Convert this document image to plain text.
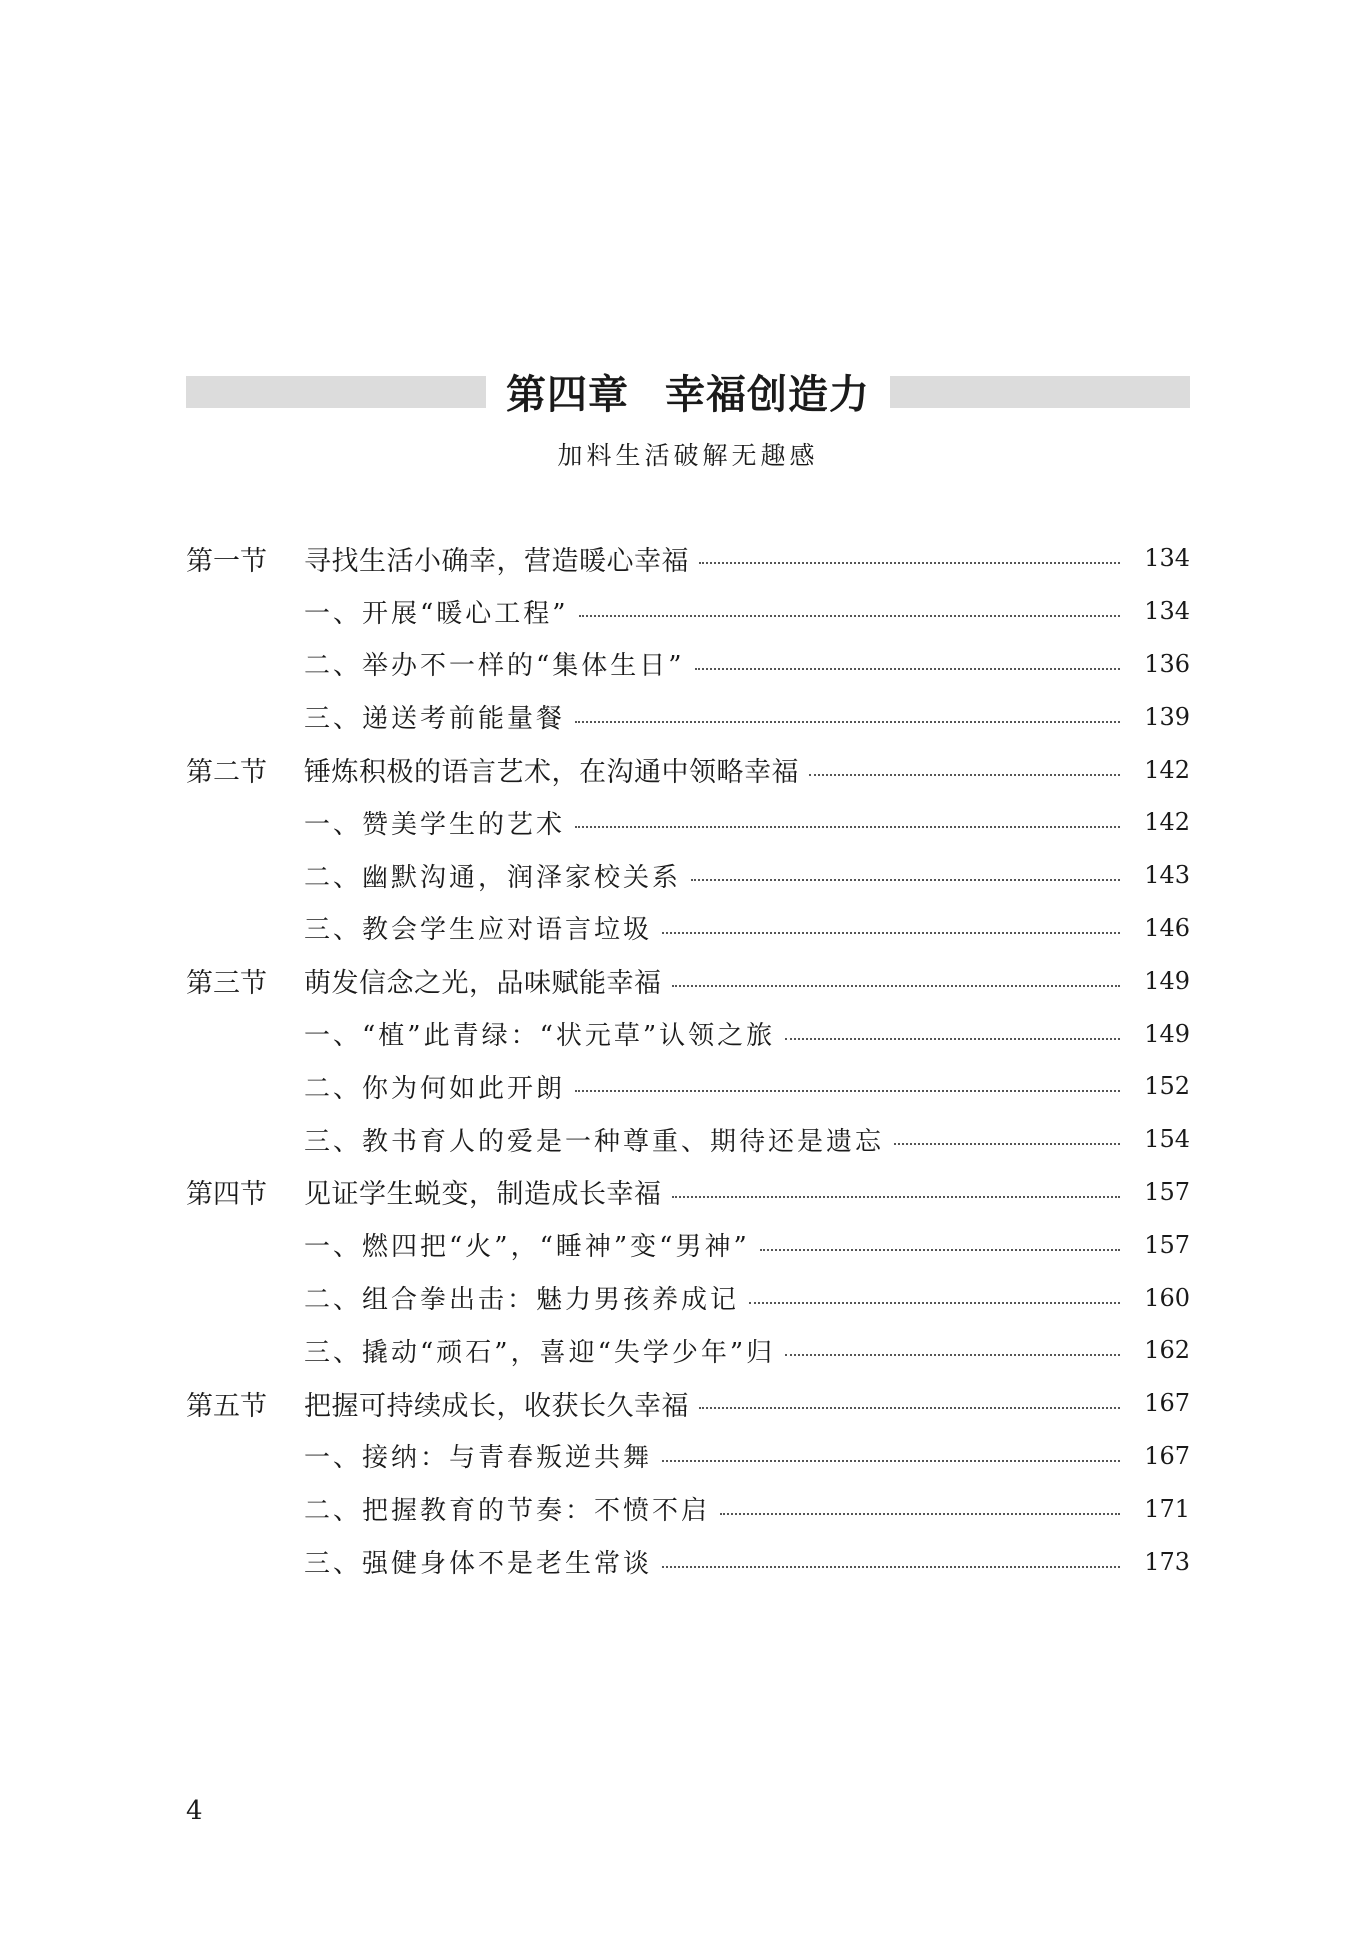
第四章 幸福创造力
加料生活破解无趣感
第一节	寻找生活小确幸，营造暖心幸福	134
一、开展“暖心工程”	134
二、举办不一样的“集体生日”	136
三、递送考前能量餐	139
第二节	锤炼积极的语言艺术，在沟通中领略幸福	142
一、赞美学生的艺术	142
二、幽默沟通，润泽家校关系	143
三、教会学生应对语言垃圾	146
第三节	萌发信念之光，品味赋能幸福	149
一、“植”此青绿：“状元草”认领之旅	149
二、你为何如此开朗	152
三、教书育人的爱是一种尊重、期待还是遗忘	154
第四节	见证学生蜕变，制造成长幸福	157
一、燃四把“火”，“睡神”变“男神”	157
二、组合拳出击：魅力男孩养成记	160
三、撬动“顽石”，喜迎“失学少年”归	162
第五节	把握可持续成长，收获长久幸福	167
一、接纳：与青春叛逆共舞	167
二、把握教育的节奏：不愤不启	171
三、强健身体不是老生常谈	173
4
